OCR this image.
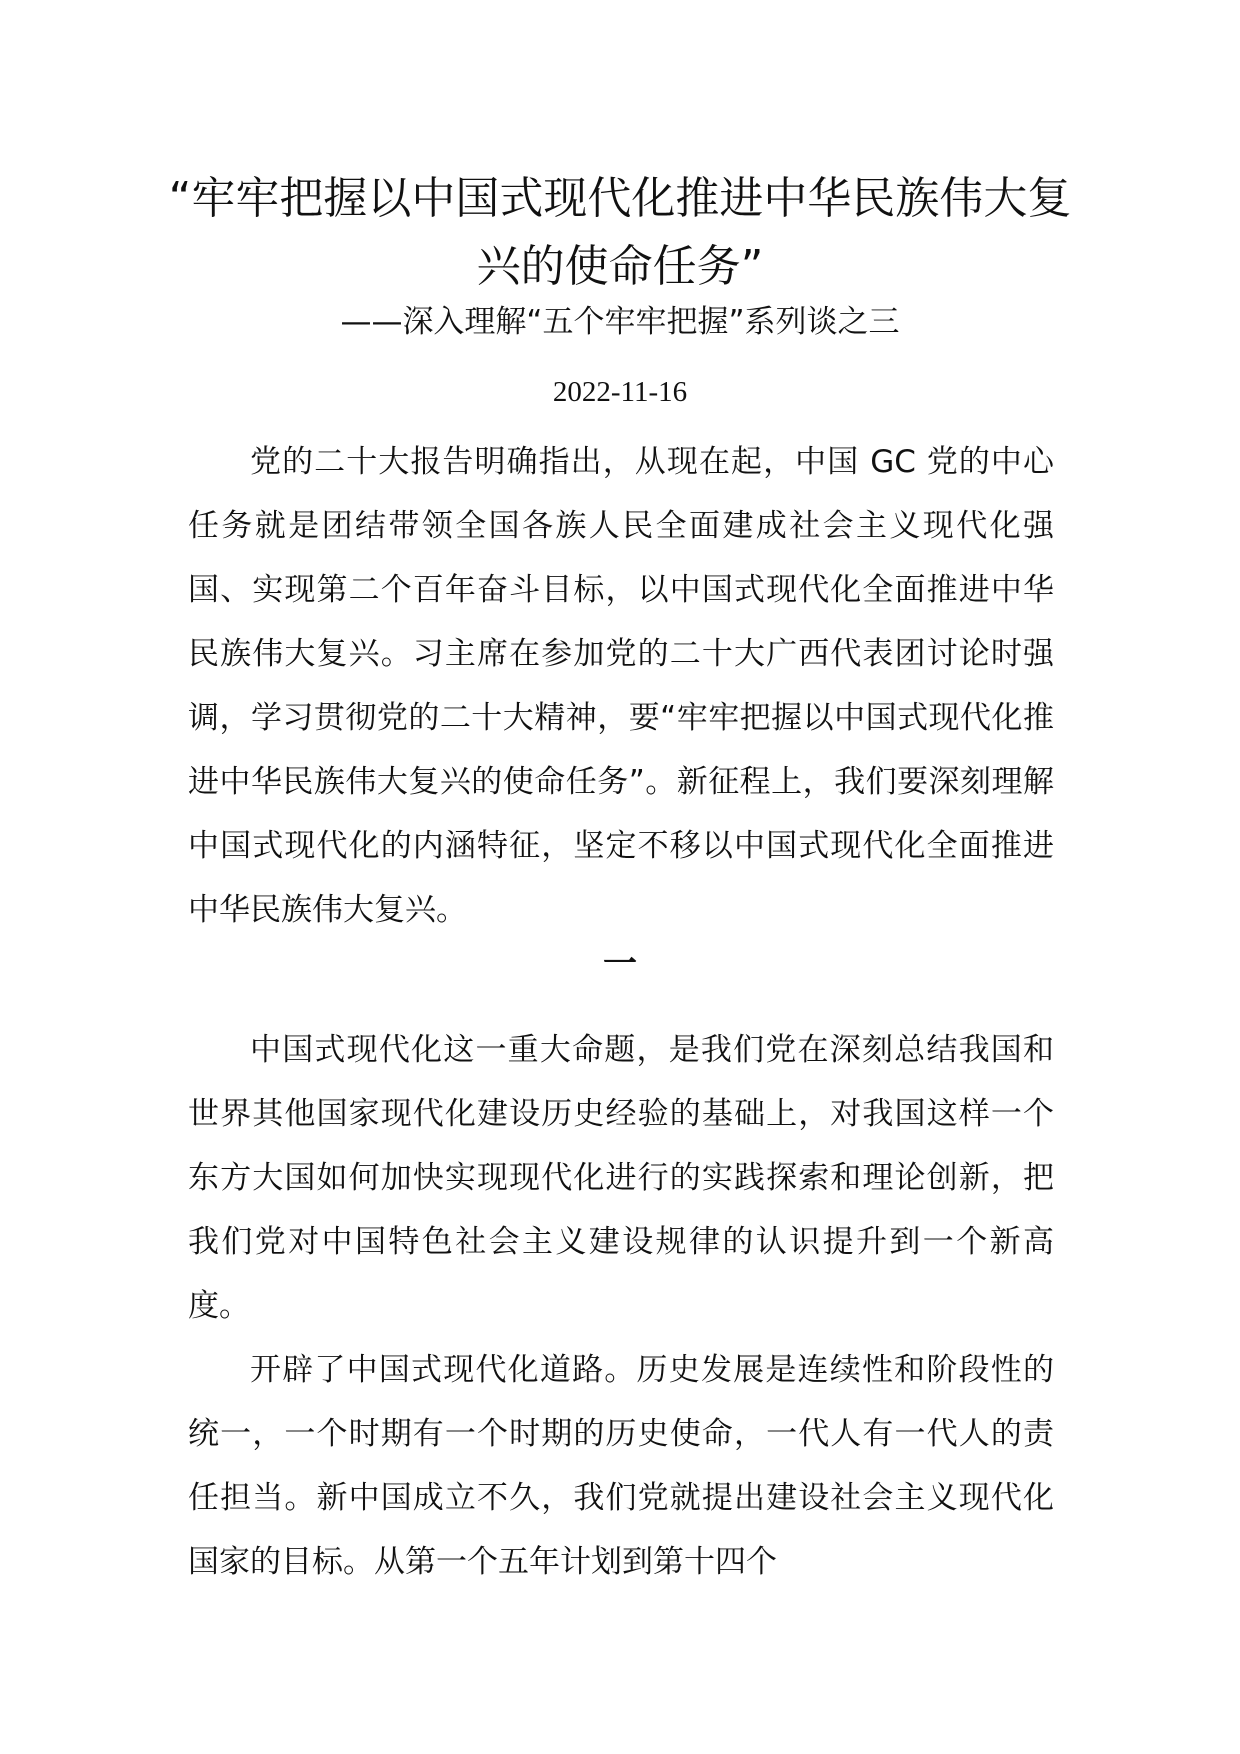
“牢牢把握以中国式现代化推进中华民族伟大复兴的使命任务”

——深入理解“五个牢牢把握”系列谈之三

2022-11-16

党的二十大报告明确指出，从现在起，中国 GC 党的中心任务就是团结带领全国各族人民全面建成社会主义现代化强国、实现第二个百年奋斗目标，以中国式现代化全面推进中华民族伟大复兴。习主席在参加党的二十大广西代表团讨论时强调，学习贯彻党的二十大精神，要“牢牢把握以中国式现代化推进中华民族伟大复兴的使命任务”。新征程上，我们要深刻理解中国式现代化的内涵特征，坚定不移以中国式现代化全面推进中华民族伟大复兴。

一

中国式现代化这一重大命题，是我们党在深刻总结我国和世界其他国家现代化建设历史经验的基础上，对我国这样一个东方大国如何加快实现现代化进行的实践探索和理论创新，把我们党对中国特色社会主义建设规律的认识提升到一个新高度。

开辟了中国式现代化道路。历史发展是连续性和阶段性的统一，一个时期有一个时期的历史使命，一代人有一代人的责任担当。新中国成立不久，我们党就提出建设社会主义现代化国家的目标。从第一个五年计划到第十四个
